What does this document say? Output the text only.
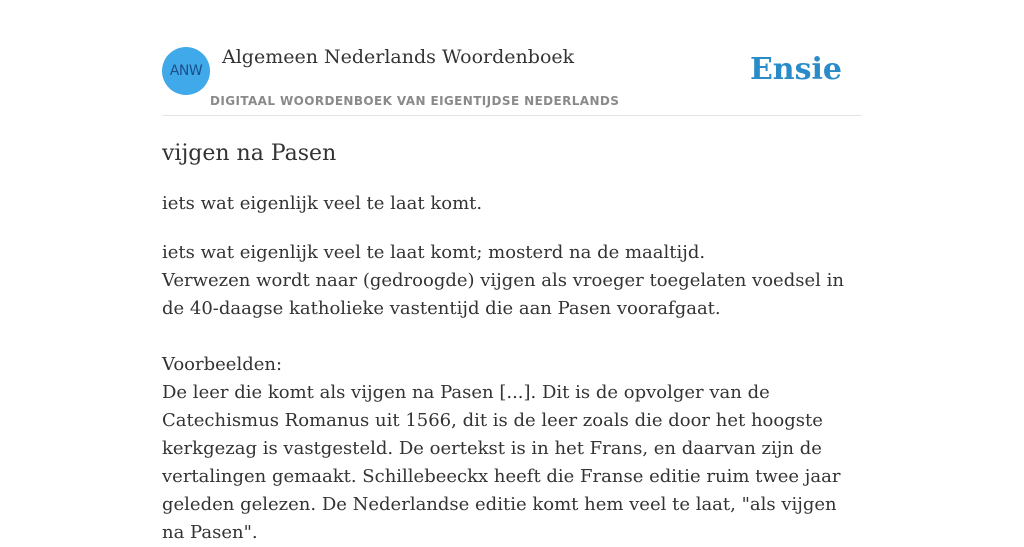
ANW
Algemeen Nederlands Woordenboek
DIGITAAL WOORDENBOEK VAN EIGENTIJDSE NEDERLANDS
Ensie
vijgen na Pasen

iets wat eigenlijk veel te laat komt.

iets wat eigenlijk veel te laat komt; mosterd na de maaltijd.

Verwezen wordt naar (gedroogde) vijgen als vroeger toegelaten voedsel in de 40-daagse katholieke vastentijd die aan Pasen voorafgaat.

Voorbeelden:

De leer die komt als vijgen na Pasen [...]. Dit is de opvolger van de Catechismus Romanus uit 1566, dit is de leer zoals die door het hoogste kerkgezag is vastgesteld. De oertekst is in het Frans, en daarvan zijn de vertalingen gemaakt. Schillebeeckx heeft die Franse editie ruim twee jaar geleden gelezen. De Nederlandse editie komt hem veel te laat, "als vijgen na Pasen".
